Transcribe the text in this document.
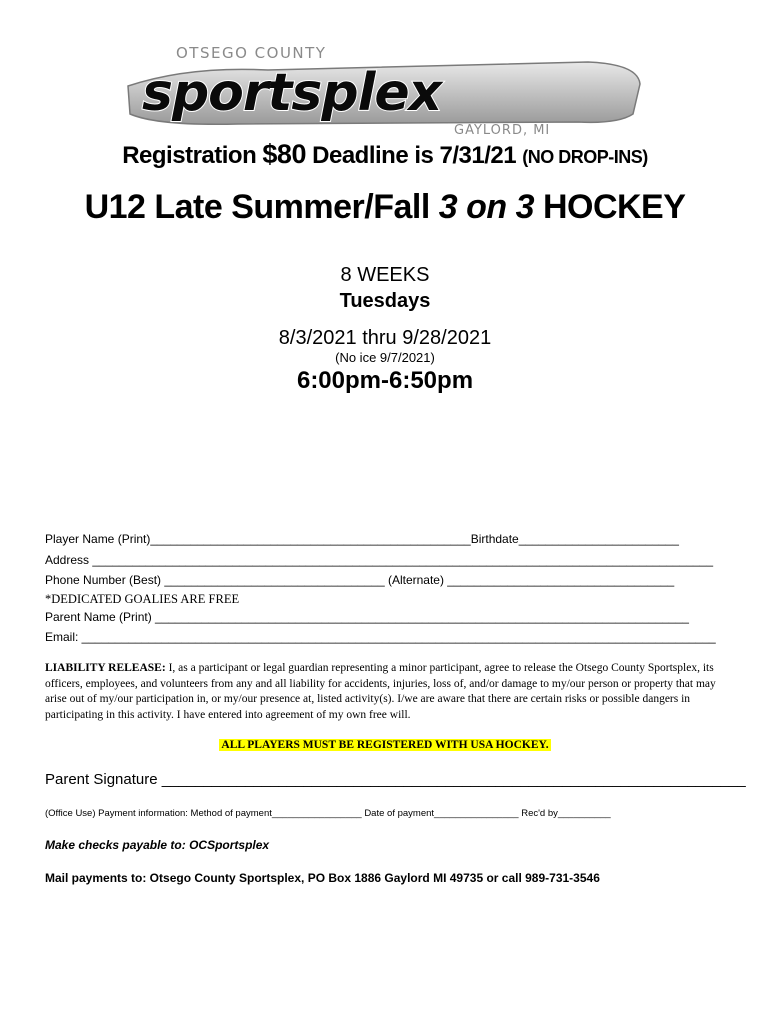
OTSEGO COUNTY
sportsplex
GAYLORD, MI
Registration $80 Deadline is 7/31/21 (NO DROP-INS)
U12 Late Summer/Fall 3 on 3 HOCKEY
8 WEEKS
Tuesdays
8/3/2021 thru 9/28/2021
(No ice 9/7/2021)
6:00pm-6:50pm
Player Name (Print)________________________________________________Birthdate________________________
Address _____________________________________________________________________________________________
Phone Number (Best) _________________________________ (Alternate) __________________________________
*DEDICATED GOALIES ARE FREE
Parent Name (Print) ________________________________________________________________________________
Email: _______________________________________________________________________________________________
LIABILITY RELEASE: I, as a participant or legal guardian representing a minor participant, agree to release the Otsego County Sportsplex, its officers, employees, and volunteers from any and all liability for accidents, injuries, loss of, and/or damage to my/our person or property that may arise out of my/our participation in, or my/our presence at, listed activity(s). I/we are aware that there are certain risks or possible dangers in participating in this activity. I have entered into agreement of my own free will.
ALL PLAYERS MUST BE REGISTERED WITH USA HOCKEY.
Parent Signature ______________________________________________________________________
(Office Use) Payment information: Method of payment_________________ Date of payment________________ Rec'd by__________
Make checks payable to: OCSportsplex
Mail payments to: Otsego County Sportsplex, PO Box 1886 Gaylord MI 49735 or call 989-731-3546
